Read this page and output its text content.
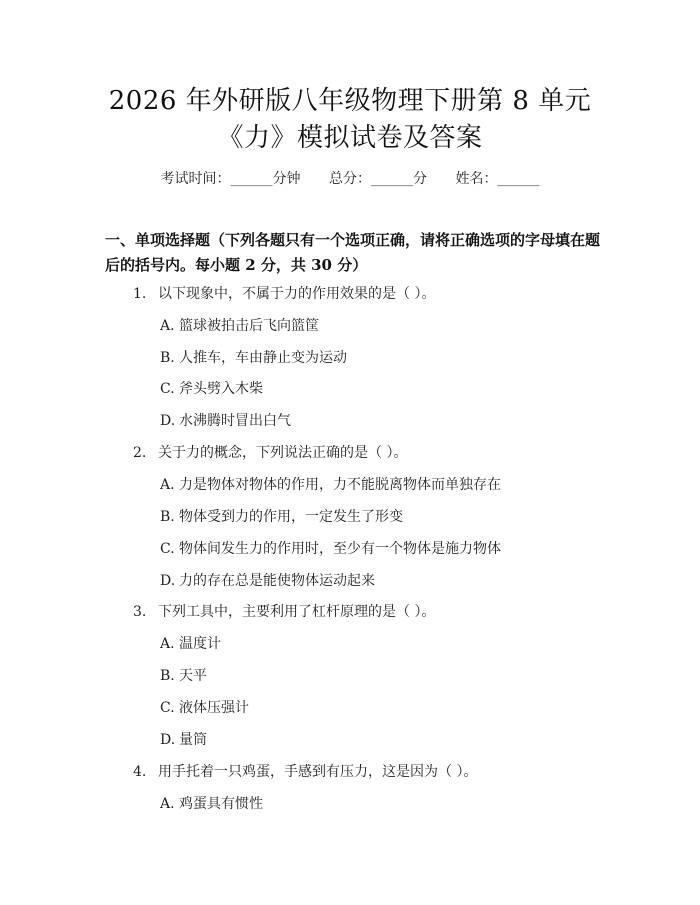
2026 年外研版八年级物理下册第 8 单元
《力》模拟试卷及答案
考试时间：______分钟 总分：______分 姓名：______
一、单项选择题（下列各题只有一个选项正确，请将正确选项的字母填在题后的括号内。每小题 2 分，共 30 分）
1. 以下现象中，不属于力的作用效果的是（ ）。
A. 篮球被拍击后飞向篮筐
B. 人推车，车由静止变为运动
C. 斧头劈入木柴
D. 水沸腾时冒出白气
2. 关于力的概念，下列说法正确的是（ ）。
A. 力是物体对物体的作用，力不能脱离物体而单独存在
B. 物体受到力的作用，一定发生了形变
C. 物体间发生力的作用时，至少有一个物体是施力物体
D. 力的存在总是能使物体运动起来
3. 下列工具中，主要利用了杠杆原理的是（ ）。
A. 温度计
B. 天平
C. 液体压强计
D. 量筒
4. 用手托着一只鸡蛋，手感到有压力，这是因为（ ）。
A. 鸡蛋具有惯性
